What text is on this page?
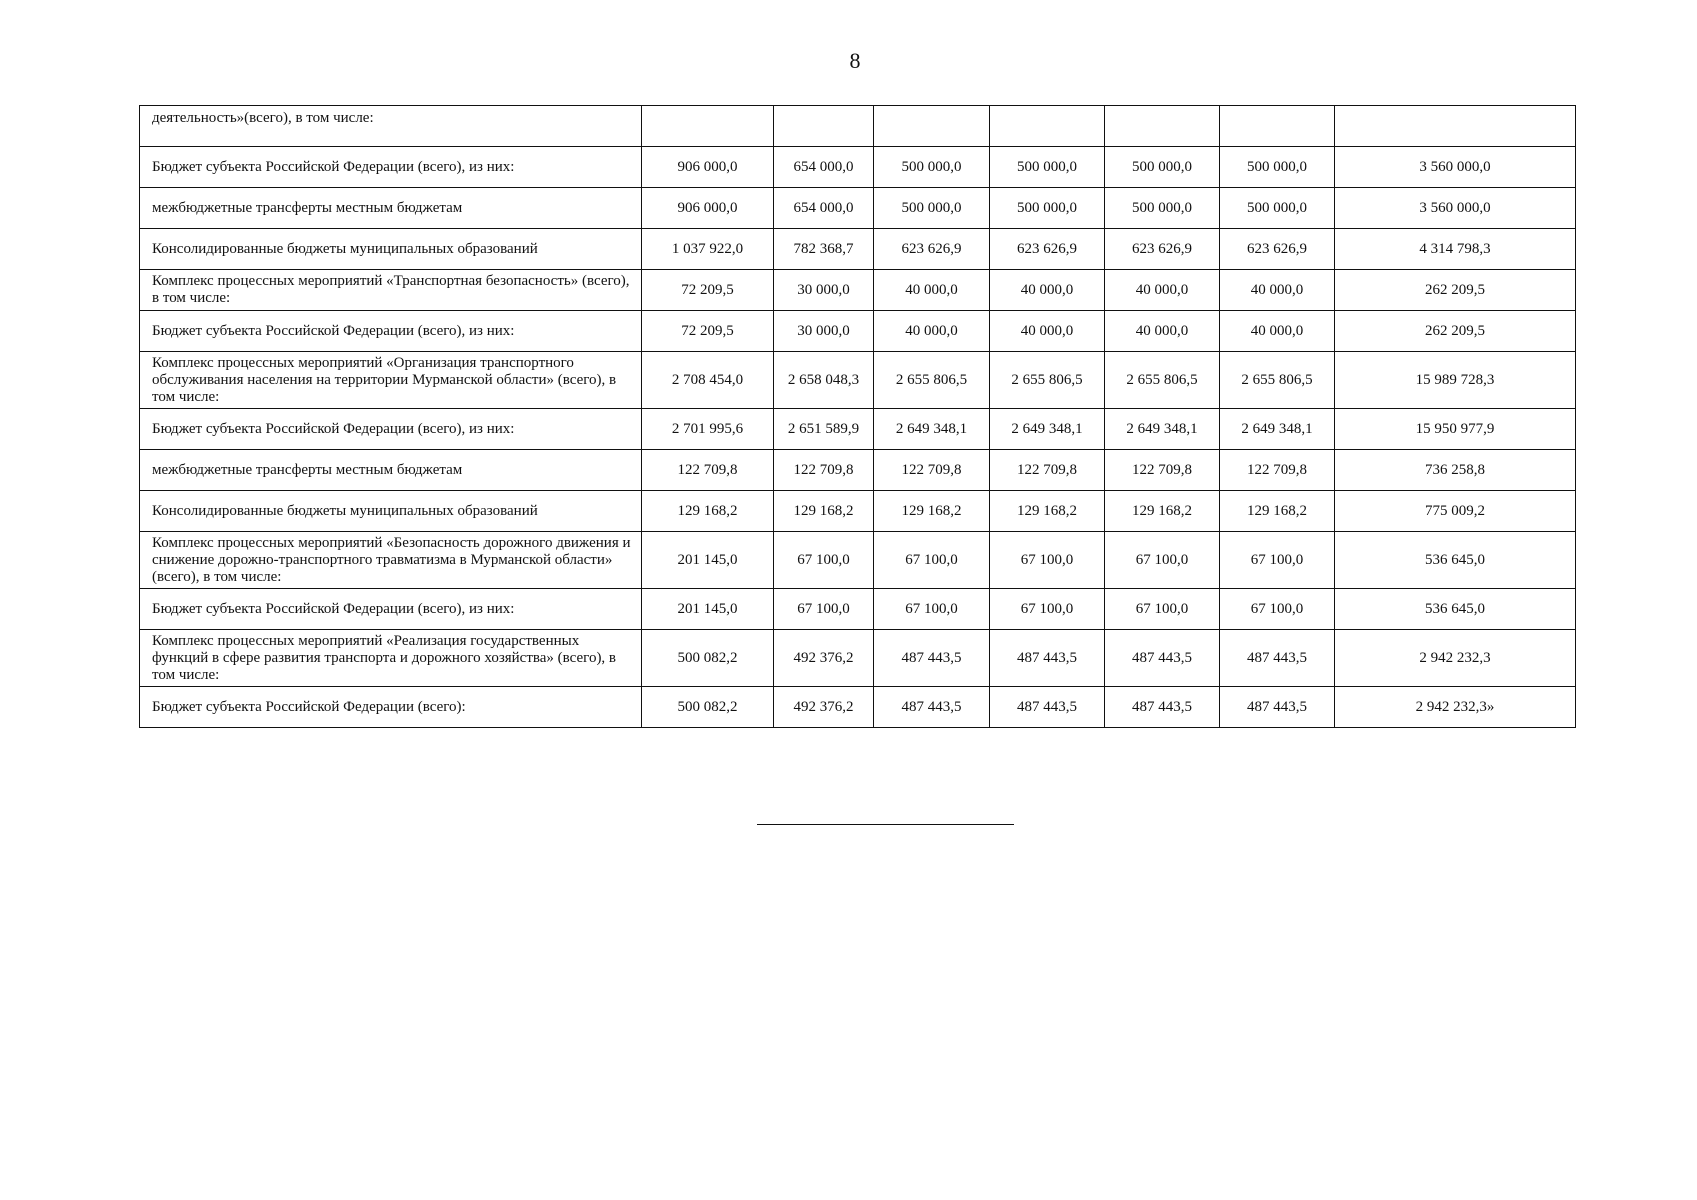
8
деятельность»(всего), в том числе:							
Бюджет субъекта Российской Федерации (всего), из них:	906 000,0	654 000,0	500 000,0	500 000,0	500 000,0	500 000,0	3 560 000,0
межбюджетные трансферты местным бюджетам	906 000,0	654 000,0	500 000,0	500 000,0	500 000,0	500 000,0	3 560 000,0
Консолидированные бюджеты муниципальных образований	1 037 922,0	782 368,7	623 626,9	623 626,9	623 626,9	623 626,9	4 314 798,3
Комплекс процессных мероприятий «Транспортная безопасность» (всего), в том числе:	72 209,5	30 000,0	40 000,0	40 000,0	40 000,0	40 000,0	262 209,5
Бюджет субъекта Российской Федерации (всего), из них:	72 209,5	30 000,0	40 000,0	40 000,0	40 000,0	40 000,0	262 209,5
Комплекс процессных мероприятий «Организация транспортного обслуживания населения на территории Мурманской области» (всего), в том числе:	2 708 454,0	2 658 048,3	2 655 806,5	2 655 806,5	2 655 806,5	2 655 806,5	15 989 728,3
Бюджет субъекта Российской Федерации (всего), из них:	2 701 995,6	2 651 589,9	2 649 348,1	2 649 348,1	2 649 348,1	2 649 348,1	15 950 977,9
межбюджетные трансферты местным бюджетам	122 709,8	122 709,8	122 709,8	122 709,8	122 709,8	122 709,8	736 258,8
Консолидированные бюджеты муниципальных образований	129 168,2	129 168,2	129 168,2	129 168,2	129 168,2	129 168,2	775 009,2
Комплекс процессных мероприятий «Безопасность дорожного движения и снижение дорожно-транспортного травматизма в Мурманской области» (всего), в том числе:	201 145,0	67 100,0	67 100,0	67 100,0	67 100,0	67 100,0	536 645,0
Бюджет субъекта Российской Федерации (всего), из них:	201 145,0	67 100,0	67 100,0	67 100,0	67 100,0	67 100,0	536 645,0
Комплекс процессных мероприятий «Реализация государственных функций в сфере развития транспорта и дорожного хозяйства» (всего), в том числе:	500 082,2	492 376,2	487 443,5	487 443,5	487 443,5	487 443,5	2 942 232,3
Бюджет субъекта Российской Федерации (всего):	500 082,2	492 376,2	487 443,5	487 443,5	487 443,5	487 443,5	2 942 232,3»
